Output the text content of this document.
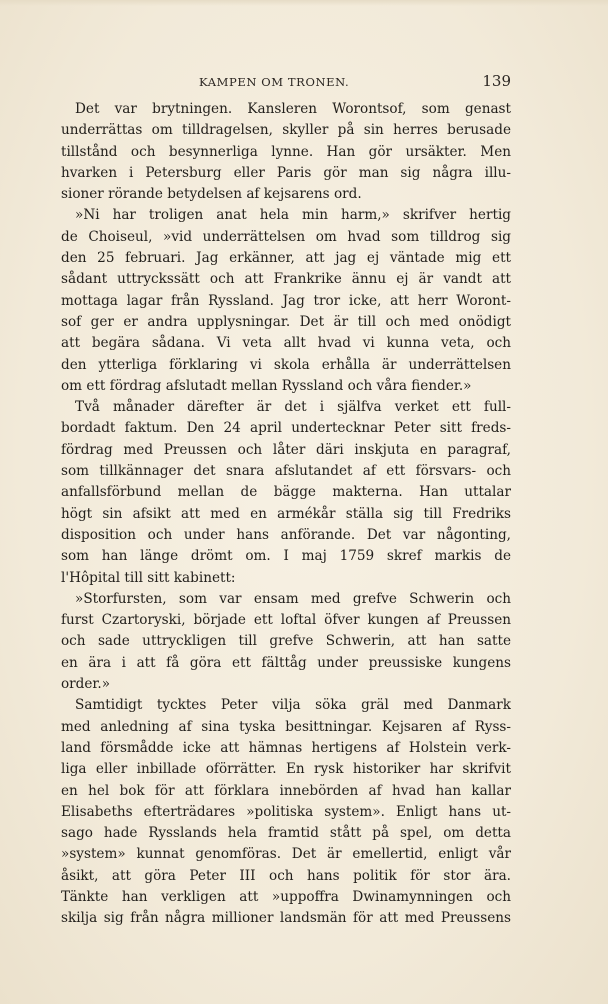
KAMPEN OM TRONEN.	139
Det var brytningen. Kansleren Worontsof, som genast
underrättas om tilldragelsen, skyller på sin herres berusade
tillstånd och besynnerliga lynne. Han gör ursäkter. Men
hvarken i Petersburg eller Paris gör man sig några illu-
sioner rörande betydelsen af kejsarens ord.
»Ni har troligen anat hela min harm,» skrifver hertig
de Choiseul, »vid underrättelsen om hvad som tilldrog sig
den 25 februari. Jag erkänner, att jag ej väntade mig ett
sådant uttryckssätt och att Frankrike ännu ej är vandt att
mottaga lagar från Ryssland. Jag tror icke, att herr Woront-
sof ger er andra upplysningar. Det är till och med onödigt
att begära sådana. Vi veta allt hvad vi kunna veta, och
den ytterliga förklaring vi skola erhålla är underrättelsen
om ett fördrag afslutadt mellan Ryssland och våra fiender.»
Två månader därefter är det i själfva verket ett full-
bordadt faktum. Den 24 april undertecknar Peter sitt freds-
fördrag med Preussen och låter däri inskjuta en paragraf,
som tillkännager det snara afslutandet af ett försvars- och
anfallsförbund mellan de bägge makterna. Han uttalar
högt sin afsikt att med en armékår ställa sig till Fredriks
disposition och under hans anförande. Det var någonting,
som han länge drömt om. I maj 1759 skref markis de
l'Hôpital till sitt kabinett:
»Storfursten, som var ensam med grefve Schwerin och
furst Czartoryski, började ett loftal öfver kungen af Preussen
och sade uttryckligen till grefve Schwerin, att han satte
en ära i att få göra ett fälttåg under preussiske kungens
order.»
Samtidigt tycktes Peter vilja söka gräl med Danmark
med anledning af sina tyska besittningar. Kejsaren af Ryss-
land försmådde icke att hämnas hertigens af Holstein verk-
liga eller inbillade oförrätter. En rysk historiker har skrifvit
en hel bok för att förklara innebörden af hvad han kallar
Elisabeths efterträdares »politiska system». Enligt hans ut-
sago hade Rysslands hela framtid stått på spel, om detta
»system» kunnat genomföras. Det är emellertid, enligt vår
åsikt, att göra Peter III och hans politik för stor ära.
Tänkte han verkligen att »uppoffra Dwinamynningen och
skilja sig från några millioner landsmän för att med Preussens
